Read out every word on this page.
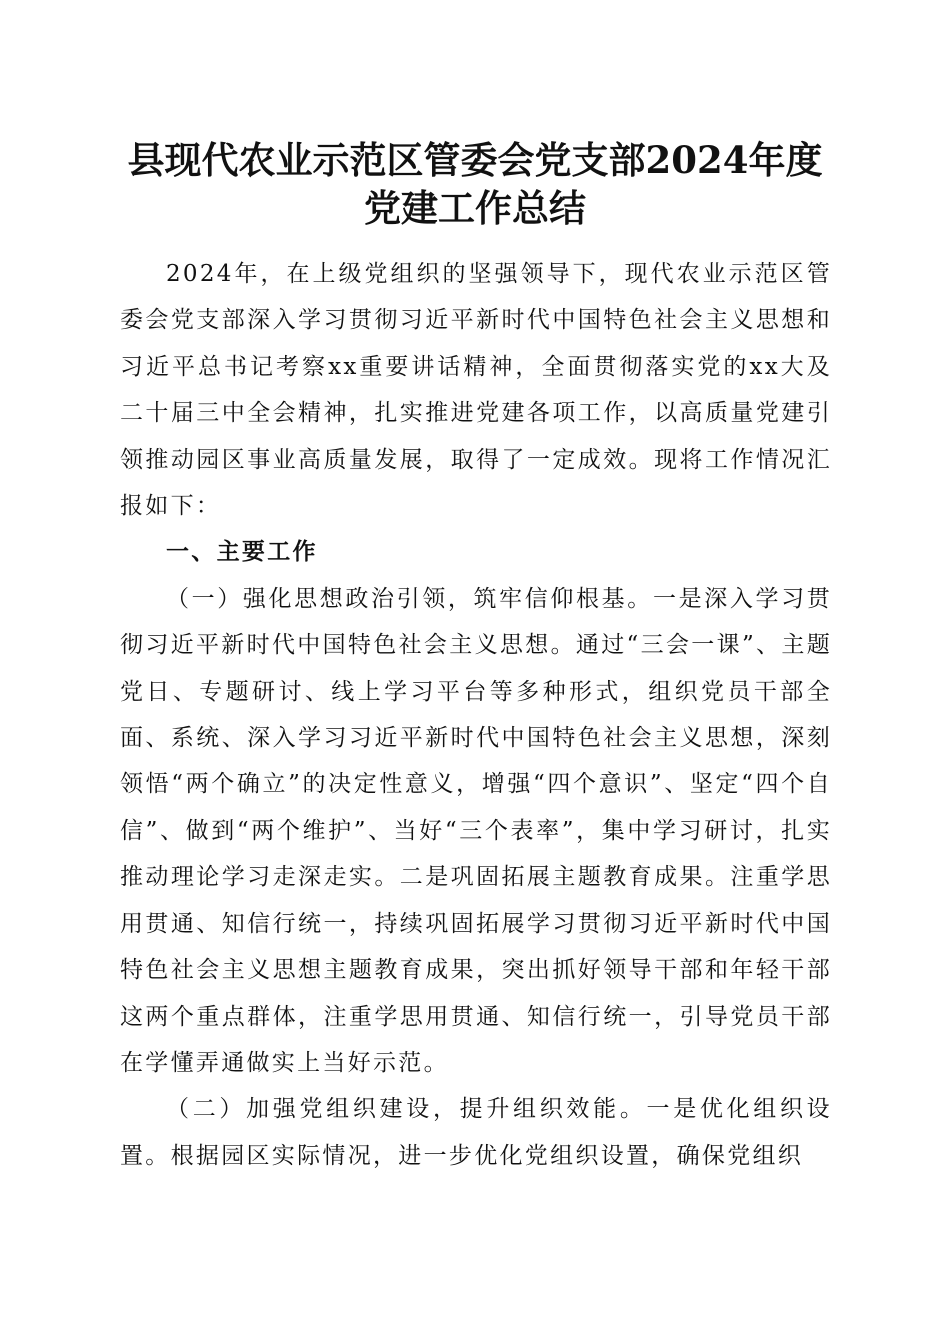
县现代农业示范区管委会党支部2024年度党建工作总结

2024年，在上级党组织的坚强领导下，现代农业示范区管委会党支部深入学习贯彻习近平新时代中国特色社会主义思想和习近平总书记考察xx重要讲话精神，全面贯彻落实党的xx大及二十届三中全会精神，扎实推进党建各项工作，以高质量党建引领推动园区事业高质量发展，取得了一定成效。现将工作情况汇报如下：

一、主要工作

（一）强化思想政治引领，筑牢信仰根基。一是深入学习贯彻习近平新时代中国特色社会主义思想。通过“三会一课”、主题党日、专题研讨、线上学习平台等多种形式，组织党员干部全面、系统、深入学习习近平新时代中国特色社会主义思想，深刻领悟“两个确立”的决定性意义，增强“四个意识”、坚定“四个自信”、做到“两个维护”、当好“三个表率”，集中学习研讨，扎实推动理论学习走深走实。二是巩固拓展主题教育成果。注重学思用贯通、知信行统一，持续巩固拓展学习贯彻习近平新时代中国特色社会主义思想主题教育成果，突出抓好领导干部和年轻干部这两个重点群体，注重学思用贯通、知信行统一，引导党员干部在学懂弄通做实上当好示范。

（二）加强党组织建设，提升组织效能。一是优化组织设置。根据园区实际情况，进一步优化党组织设置，确保党组织
